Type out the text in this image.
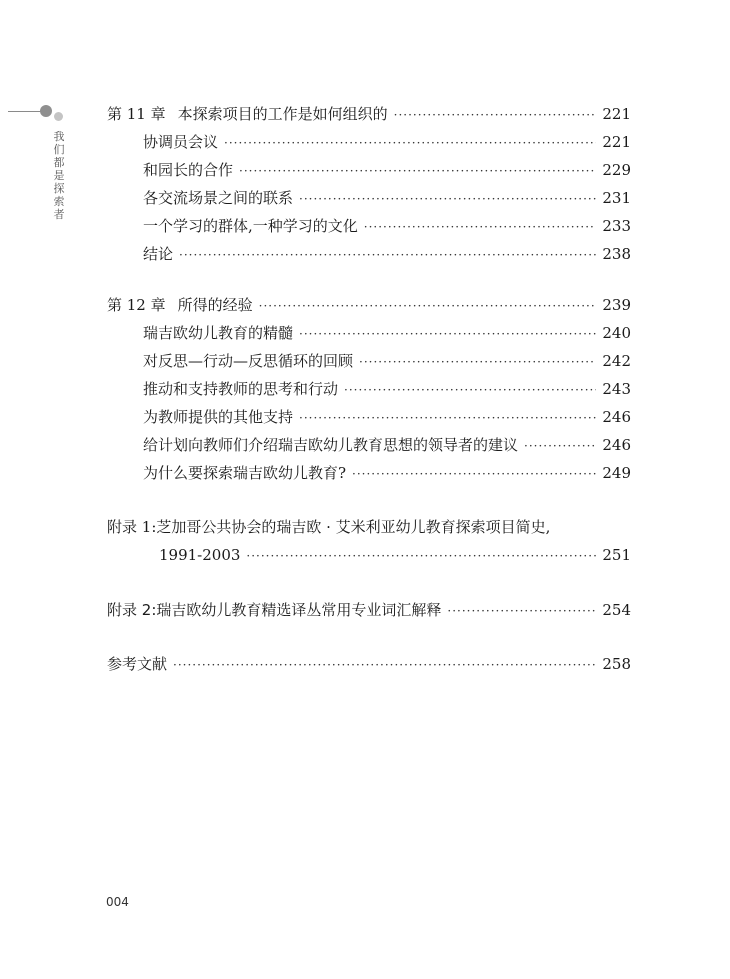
我们都是探索者
第 11 章 本探索项目的工作是如何组织的 ·····	221
协调员会议 ·····	221
和园长的合作 ·····	229
各交流场景之间的联系 ·····	231
一个学习的群体,一种学习的文化 ·····	233
结论 ·····	238
第 12 章 所得的经验 ·····	239
瑞吉欧幼儿教育的精髓 ·····	240
对反思—行动—反思循环的回顾 ·····	242
推动和支持教师的思考和行动 ·····	243
为教师提供的其他支持 ·····	246
给计划向教师们介绍瑞吉欧幼儿教育思想的领导者的建议 ·····	246
为什么要探索瑞吉欧幼儿教育? ·····	249
附录 1:芝加哥公共协会的瑞吉欧 · 艾米利亚幼儿教育探索项目简史,
1991-2003 ·····	251
附录 2:瑞吉欧幼儿教育精选译丛常用专业词汇解释 ·····	254
参考文献 ·····	258
004
